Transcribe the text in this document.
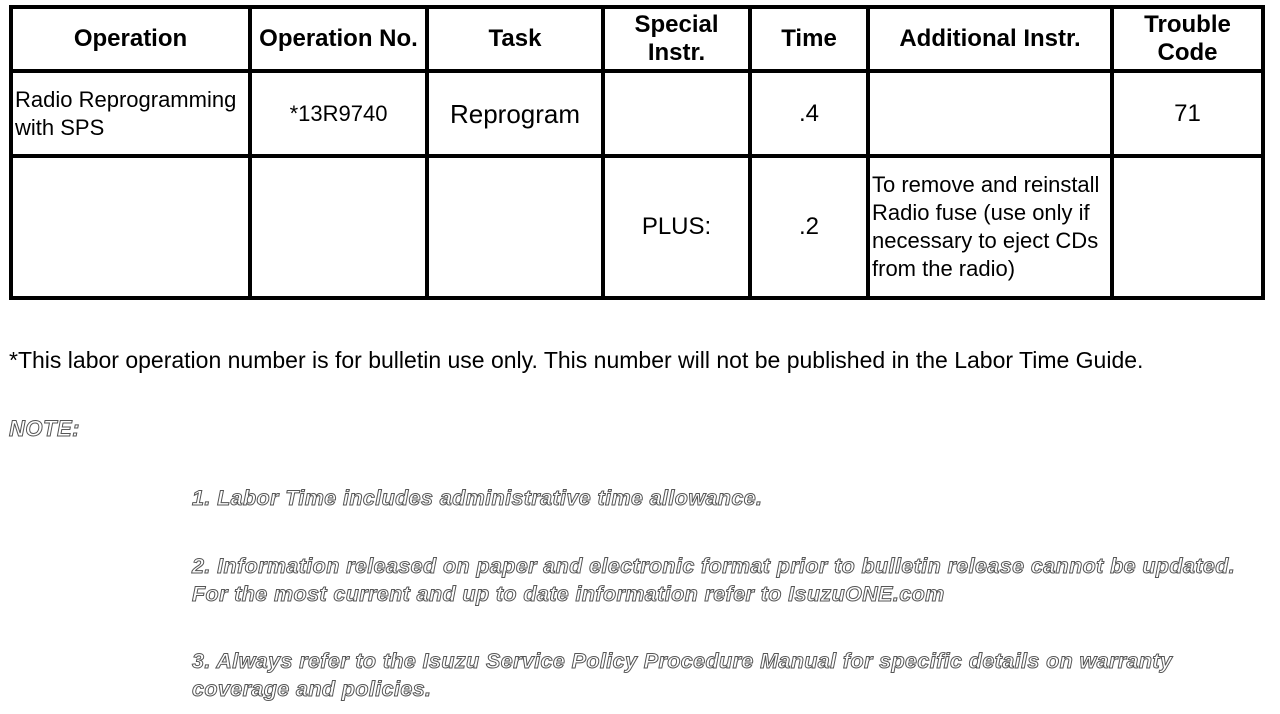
Operation	Operation No.	Task	Special Instr.	Time	Additional Instr.	Trouble Code
Radio Reprogramming with SPS	*13R9740	Reprogram		.4		71
			PLUS:	.2	To remove and reinstall Radio fuse (use only if necessary to eject CDs from the radio)	
*This labor operation number is for bulletin use only. This number will not be published in the Labor Time Guide.
NOTE:
1. Labor Time includes administrative time allowance.
2. Information released on paper and electronic format prior to bulletin release cannot be updated. For the most current and up to date information refer to IsuzuONE.com
3. Always refer to the Isuzu Service Policy Procedure Manual for specific details on warranty coverage and policies.
